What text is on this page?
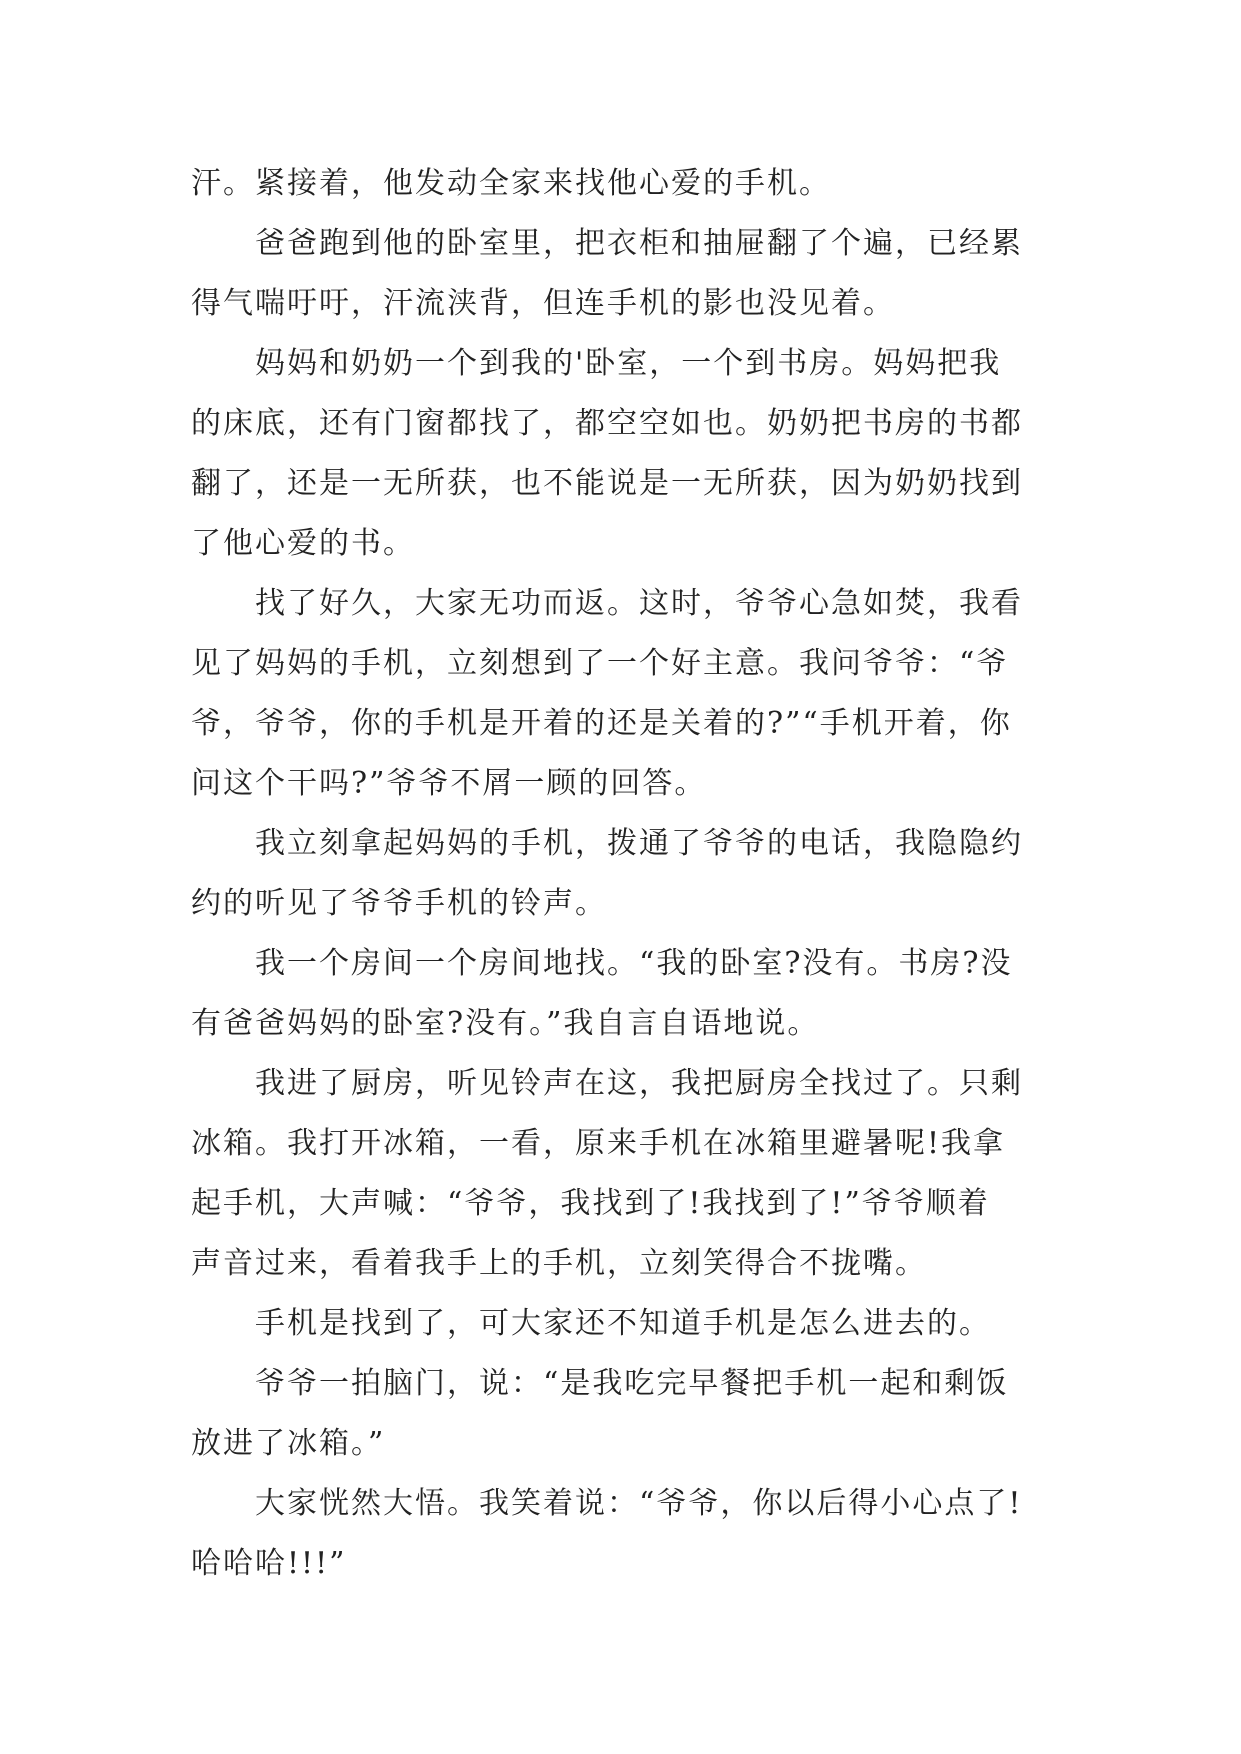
汗。紧接着，他发动全家来找他心爱的手机。
爸爸跑到他的卧室里，把衣柜和抽屉翻了个遍，已经累
得气喘吁吁，汗流浃背，但连手机的影也没见着。
妈妈和奶奶一个到我的'卧室，一个到书房。妈妈把我
的床底，还有门窗都找了，都空空如也。奶奶把书房的书都
翻了，还是一无所获，也不能说是一无所获，因为奶奶找到
了他心爱的书。
找了好久，大家无功而返。这时，爷爷心急如焚，我看
见了妈妈的手机，立刻想到了一个好主意。我问爷爷：“爷
爷，爷爷，你的手机是开着的还是关着的?”“手机开着，你
问这个干吗?”爷爷不屑一顾的回答。
我立刻拿起妈妈的手机，拨通了爷爷的电话，我隐隐约
约的听见了爷爷手机的铃声。
我一个房间一个房间地找。“我的卧室?没有。书房?没
有爸爸妈妈的卧室?没有。”我自言自语地说。
我进了厨房，听见铃声在这，我把厨房全找过了。只剩
冰箱。我打开冰箱，一看，原来手机在冰箱里避暑呢!我拿
起手机，大声喊：“爷爷，我找到了!我找到了!”爷爷顺着
声音过来，看着我手上的手机，立刻笑得合不拢嘴。
手机是找到了，可大家还不知道手机是怎么进去的。
爷爷一拍脑门，说：“是我吃完早餐把手机一起和剩饭
放进了冰箱。”
大家恍然大悟。我笑着说：“爷爷，你以后得小心点了!
哈哈哈!!!”
